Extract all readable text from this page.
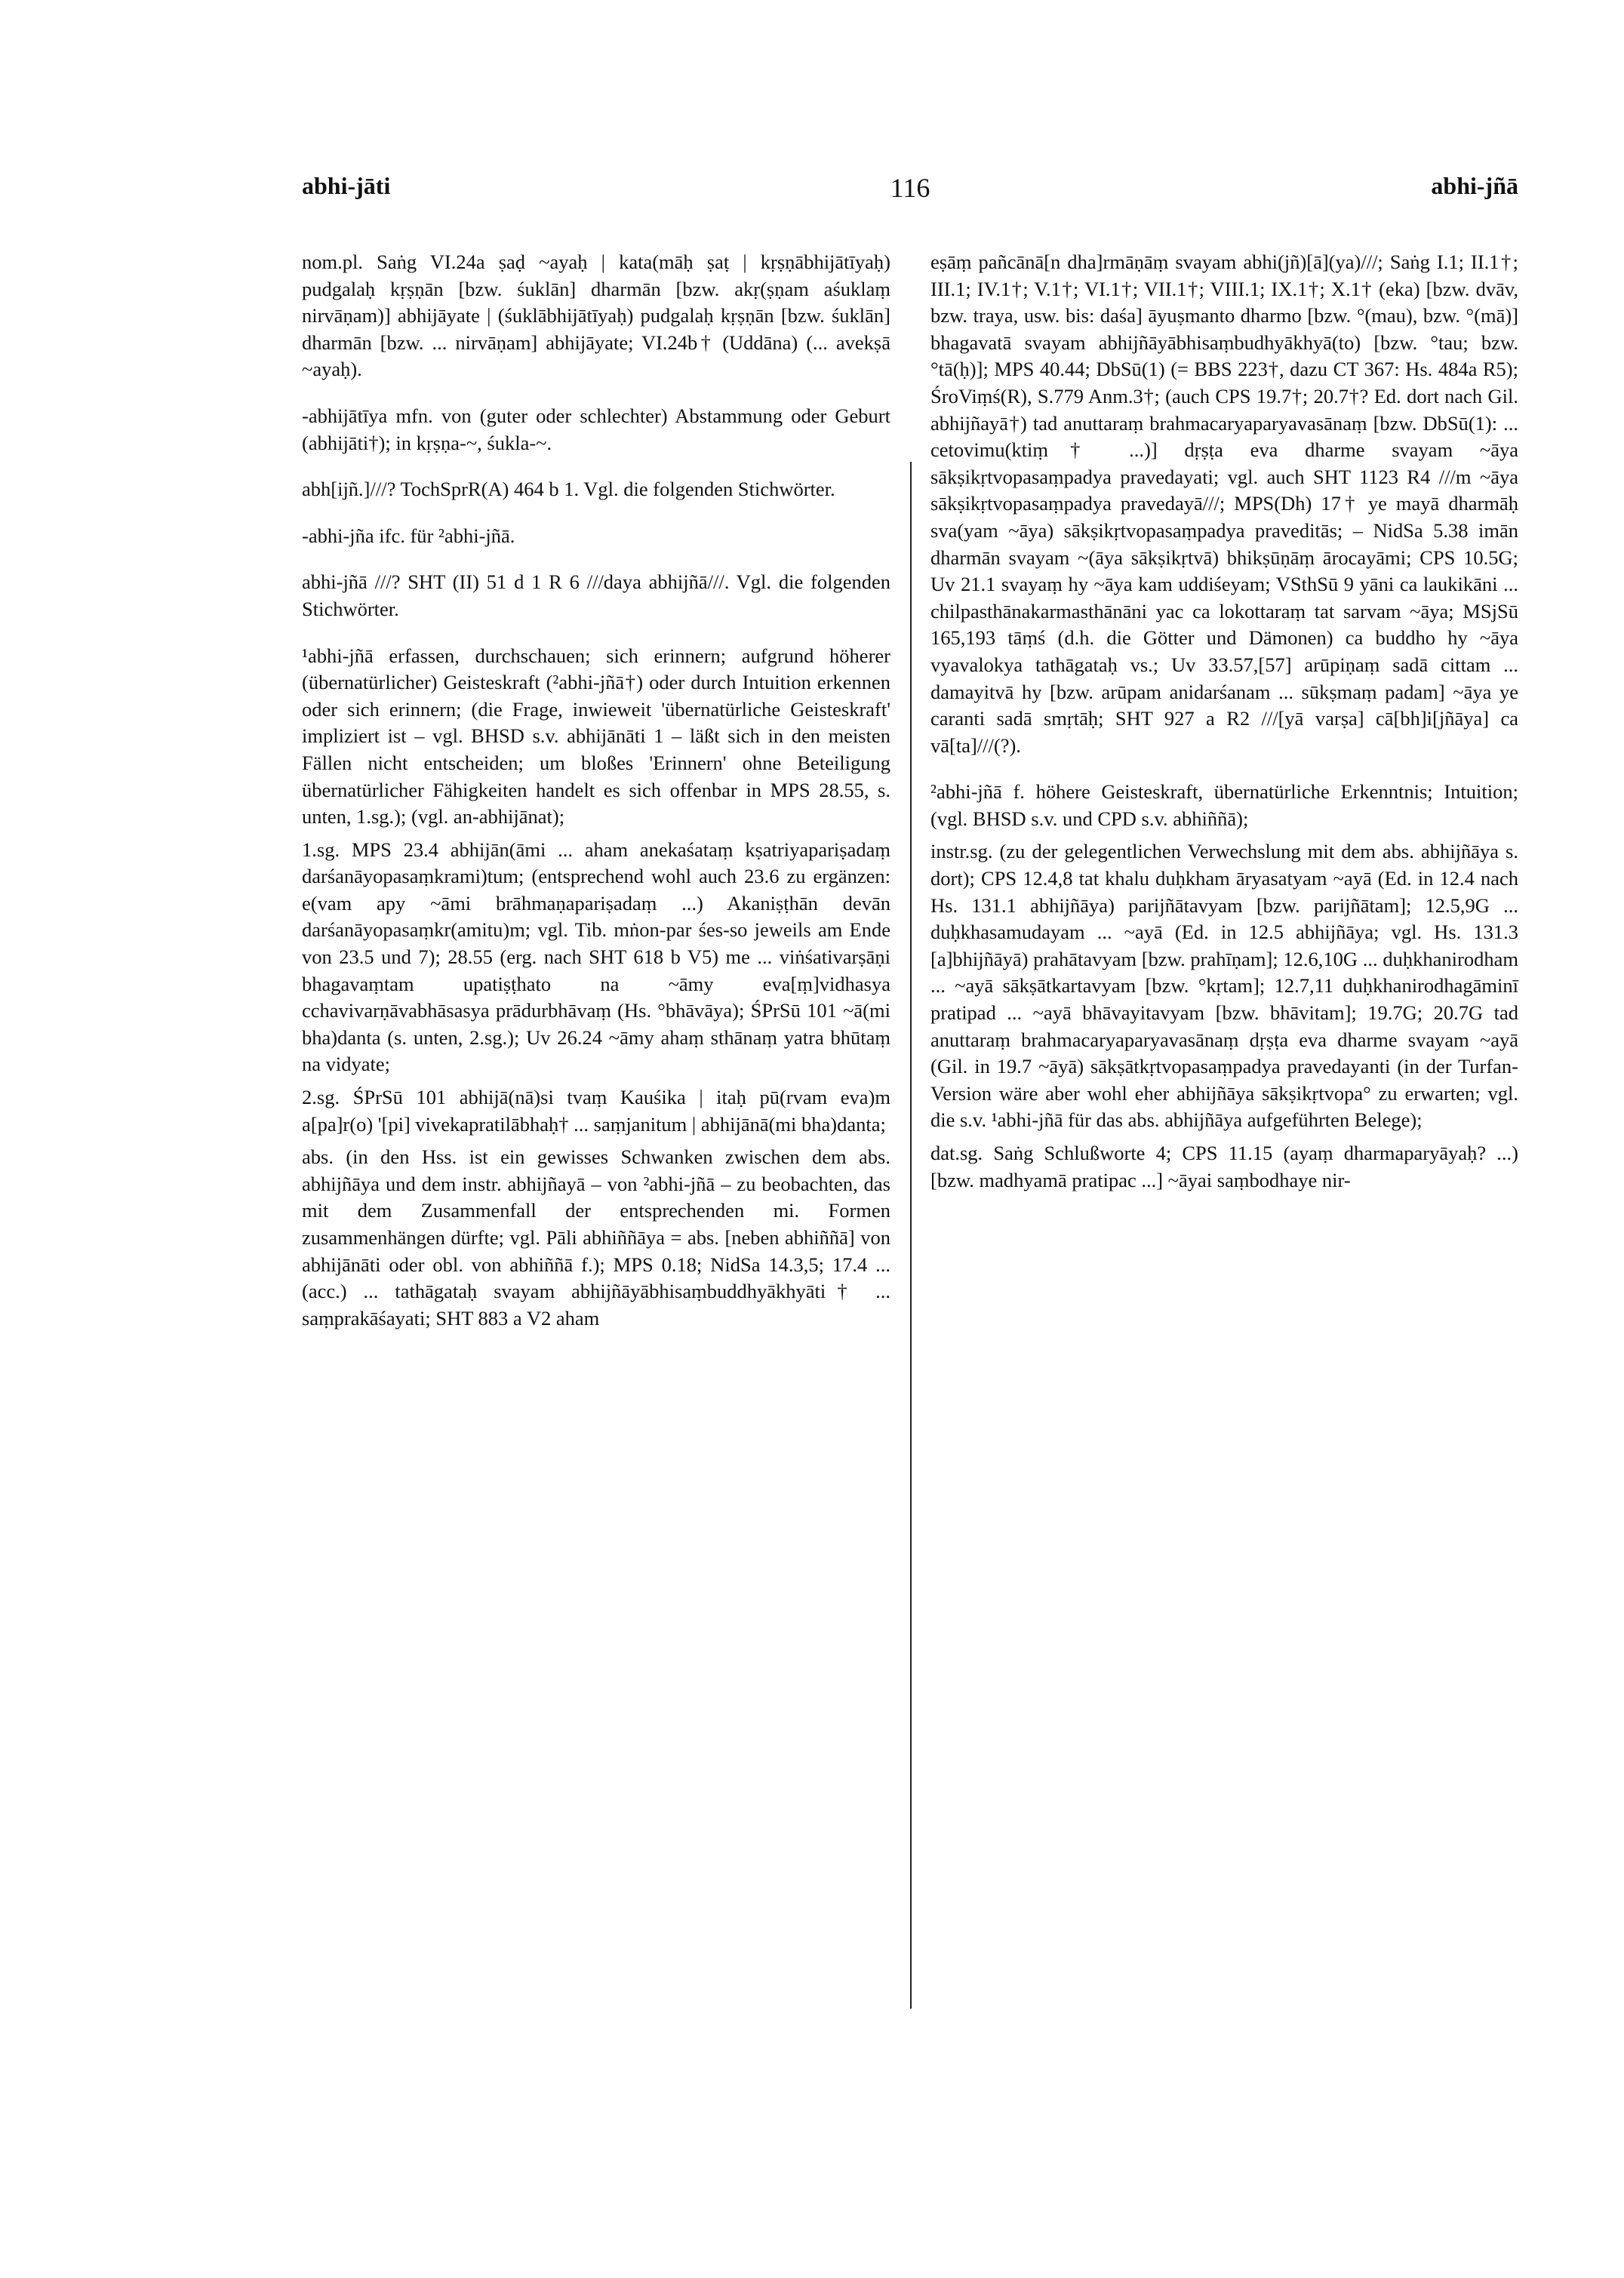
abhi-jāti	116	abhi-jñā

nom.pl. Saṅg VI.24a ṣaḍ ~ayaḥ | kata(māḥ ṣaṭ | kṛṣṇābhijātīyaḥ) pudgalaḥ kṛṣṇān [bzw. śuklān] dharmān [bzw. akṛ(ṣṇam aśuklaṃ nirvāṇam)] abhijāyate | (śuklābhijātīyaḥ) pudgalaḥ kṛṣṇān [bzw. śuklān] dharmān [bzw. ... nirvāṇam] abhijāyate; VI.24b† (Uddāna) (... avekṣā ~ayaḥ).

-abhijātīya mfn. von (guter oder schlechter) Abstammung oder Geburt (abhijāti†); in kṛṣṇa-~, śukla-~.

abh[ijñ.]///? TochSprR(A) 464 b 1. Vgl. die folgenden Stichwörter.

-abhi-jña ifc. für ²abhi-jñā.

abhi-jñā ///? SHT (II) 51 d 1 R 6 ///daya abhijñā///. Vgl. die folgenden Stichwörter.

¹abhi-jñā erfassen, durchschauen; sich erinnern; aufgrund höherer (übernatürlicher) Geisteskraft (²abhi-jñā†) oder durch Intuition erkennen oder sich erinnern; (die Frage, inwieweit 'übernatürliche Geisteskraft' impliziert ist – vgl. BHSD s.v. abhijānāti 1 – läßt sich in den meisten Fällen nicht entscheiden; um bloßes 'Erinnern' ohne Beteiligung übernatürlicher Fähigkeiten handelt es sich offenbar in MPS 28.55, s. unten, 1.sg.); (vgl. an-abhijānat);

1.sg. MPS 23.4 abhijān(āmi ... aham anekaśataṃ kṣatriyapariṣadaṃ darśanāyopasaṃkrami)tum; (entsprechend wohl auch 23.6 zu ergänzen: e(vam apy ~āmi brāhmaṇapariṣadaṃ ...) Akaniṣṭhān devān darśanāyopasaṃkr(amitu)m; vgl. Tib. mṅon-par śes-so jeweils am Ende von 23.5 und 7); 28.55 (erg. nach SHT 618 b V5) me ... viṅśativarṣāṇi bhagavaṃtam upatiṣṭhato na ~āmy eva[ṃ]vidhasya cchavivarṇāvabhāsasya prādurbhāvaṃ (Hs. °bhāvāya); ŚPrSū 101 ~ā(mi bha)danta (s. unten, 2.sg.); Uv 26.24 ~āmy ahaṃ sthānaṃ yatra bhūtaṃ na vidyate;

2.sg. ŚPrSū 101 abhijā(nā)si tvaṃ Kauśika | itaḥ pū(rvam eva)m a[pa]r(o) '[pi] vivekapratilābhaḥ† ... saṃjanitum | abhijānā(mi bha)danta;

abs. (in den Hss. ist ein gewisses Schwanken zwischen dem abs. abhijñāya und dem instr. abhijñayā – von ²abhi-jñā – zu beobachten, das mit dem Zusammenfall der entsprechenden mi. Formen zusammenhängen dürfte; vgl. Pāli abhiññāya = abs. [neben abhiññā] von abhijānāti oder obl. von abhiññā f.); MPS 0.18; NidSa 14.3,5; 17.4 ... (acc.) ... tathāgataḥ svayam abhijñāyābhisaṃbuddhyākhyāti† ... saṃprakāśayati; SHT 883 a V2 aham

eṣāṃ pañcānā[n dha]rmāṇāṃ svayam abhi(jñ)[ā](ya)///; Saṅg I.1; II.1†; III.1; IV.1†; V.1†; VI.1†; VII.1†; VIII.1; IX.1†; X.1† (eka) [bzw. dvāv, bzw. traya, usw. bis: daśa] āyuṣmanto dharmo [bzw. °(mau), bzw. °(mā)] bhagavatā svayam abhijñāyābhisaṃbudhyākhyā(to) [bzw. °tau; bzw. °tā(ḥ)]; MPS 40.44; DbSū(1) (= BBS 223†, dazu CT 367: Hs. 484a R5); ŚroViṃś(R), S.779 Anm.3†; (auch CPS 19.7†; 20.7†? Ed. dort nach Gil. abhijñayā†) tad anuttaraṃ brahmacaryaparyavasānaṃ [bzw. DbSū(1): ... cetovimu(ktiṃ† ...)] dṛṣṭa eva dharme svayam ~āya sākṣikṛtvopasaṃpadya pravedayati; vgl. auch SHT 1123 R4 ///m ~āya sākṣikṛtvopasaṃpadya pravedayā///; MPS(Dh) 17† ye mayā dharmāḥ sva(yam ~āya) sākṣikṛtvopasaṃpadya praveditās; – NidSa 5.38 imān dharmān svayam ~(āya sākṣikṛtvā) bhikṣūṇāṃ ārocayāmi; CPS 10.5G; Uv 21.1 svayaṃ hy ~āya kam uddiśeyam; VSthSū 9 yāni ca laukikāni ... chilpasthānakarmasthānāni yac ca lokottaraṃ tat sarvam ~āya; MSjSū 165,193 tāṃś (d.h. die Götter und Dämonen) ca buddho hy ~āya vyavalokya tathāgataḥ vs.; Uv 33.57,[57] arūpiṇaṃ sadā cittam ... damayitvā hy [bzw. arūpam anidarśanam ... sūkṣmaṃ padam] ~āya ye caranti sadā smṛtāḥ; SHT 927 a R2 ///[yā varṣa] cā[bh]i[jñāya] ca vā[ta]///(?).

²abhi-jñā f. höhere Geisteskraft, übernatürliche Erkenntnis; Intuition; (vgl. BHSD s.v. und CPD s.v. abhiññā);

instr.sg. (zu der gelegentlichen Verwechslung mit dem abs. abhijñāya s. dort); CPS 12.4,8 tat khalu duḥkham āryasatyam ~ayā (Ed. in 12.4 nach Hs. 131.1 abhijñāya) parijñātavyam [bzw. parijñātam]; 12.5,9G ... duḥkhasamudayam ... ~ayā (Ed. in 12.5 abhijñāya; vgl. Hs. 131.3 [a]bhijñāyā) prahātavyam [bzw. prahīṇam]; 12.6,10G ... duḥkhanirodham ... ~ayā sākṣātkartavyam [bzw. °kṛtam]; 12.7,11 duḥkhanirodhagāminī pratipad ... ~ayā bhāvayitavyam [bzw. bhāvitam]; 19.7G; 20.7G tad anuttaraṃ brahmacaryaparyavasānaṃ dṛṣṭa eva dharme svayam ~ayā (Gil. in 19.7 ~āyā) sākṣātkṛtvopasaṃpadya pravedayanti (in der Turfan-Version wäre aber wohl eher abhijñāya sākṣikṛtvopa° zu erwarten; vgl. die s.v. ¹abhi-jñā für das abs. abhijñāya aufgeführten Belege);

dat.sg. Saṅg Schlußworte 4; CPS 11.15 (ayaṃ dharmaparyāyaḥ? ...) [bzw. madhyamā pratipac ...] ~āyai saṃbodhaye nir-
